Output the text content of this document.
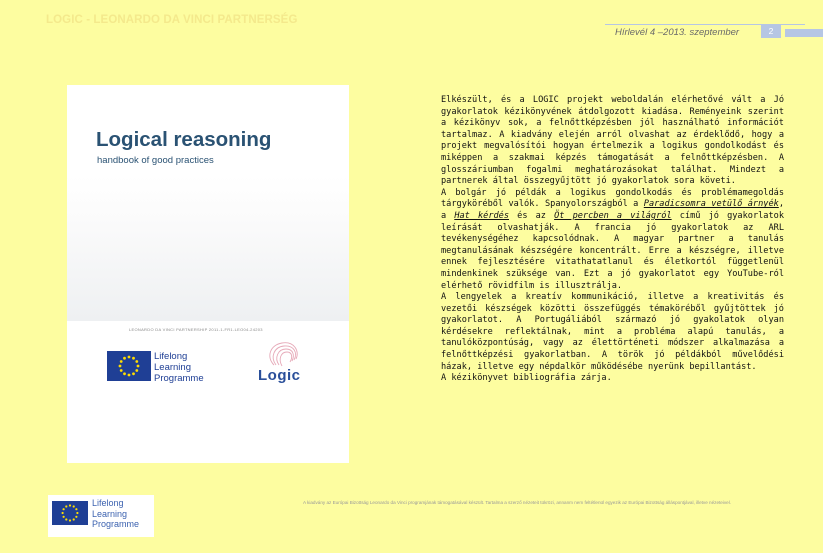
LOGIC - LEONARDO DA VINCI PARTNERSÉG
Hírlevél 4 –2013. szeptember	2
Logical reasoning
handbook of good practices
LEONARDO DA VINCI PARTNERSHIP 2011-1-FR1-LEO04-24203
Lifelong
Learning
Programme	Logic

Elkészült, és a LOGIC projekt weboldalán elérhetővé vált a Jó gyakorlatok kézikönyvének átdolgozott kiadása. Reményeink szerint a kézikönyv sok, a felnőttképzésben jól használható információt tartalmaz. A kiadvány elején arról olvashat az érdeklődő, hogy a projekt megvalósítói hogyan értelmezik a logikus gondolkodást és miképpen a szakmai képzés támogatását a felnőttképzésben. A glosszáriumban fogalmi meghatározásokat találhat. Mindezt a partnerek által összegyűjtött jó gyakorlatok sora követi.

A bolgár jó példák a logikus gondolkodás és problémamegoldás tárgyköréből valók. Spanyolországból a Paradicsomra vetülő árnyék, a Hat kérdés és az Öt percben a világról című jó gyakorlatok leírását olvashatják. A francia jó gyakorlatok az ARL tevékenységéhez kapcsolódnak. A magyar partner a tanulás megtanulásának készségére koncentrált. Erre a készségre, illetve ennek fejlesztésére vitathatatlanul és életkortól függetlenül mindenkinek szüksége van. Ezt a jó gyakorlatot egy YouTube-ról elérhető rövidfilm is illusztrálja.

A lengyelek a kreatív kommunikáció, illetve a kreativitás és vezetői készségek közötti összefüggés témaköréből gyűjtöttek jó gyakorlatot. A Portugáliából származó jó gyakolatok olyan kérdésekre reflektálnak, mint a probléma alapú tanulás, a tanulóközpontúság, vagy az élettörténeti módszer alkalmazása a felnőttképzési gyakorlatban. A török jó példákból művelődési házak, illetve egy népdalkör működésébe nyerünk bepillantást.

A kézikönyvet bibliográfia zárja.

Lifelong
Learning
Programme
A kiadvány az Európai Bizottság Leonardo da Vinci programjának támogatásával készült. Tartalma a szerző nézeteit tükrözi, annanm nem feltétlenül egyezik az Európai Bizottság álláspontjával, illetve nézeteivel.
